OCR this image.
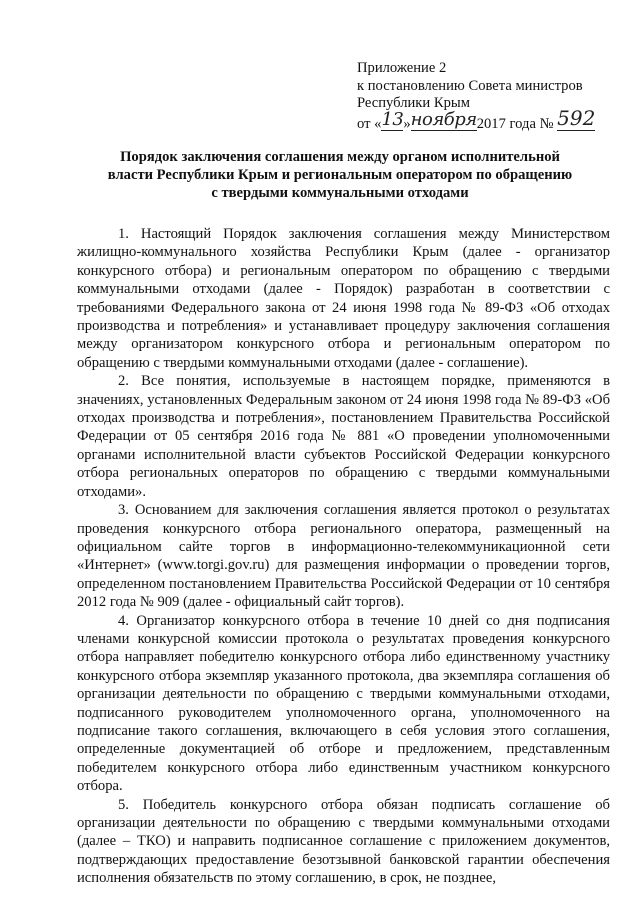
Приложение 2
к постановлению Совета министров
Республики Крым
от «13»ноября2017 года № 592
Порядок заключения соглашения между органом исполнительной
власти Республики Крым и региональным оператором по обращению
с твердыми коммунальными отходами

1. Настоящий Порядок заключения соглашения между Министерством жилищно-коммунального хозяйства Республики Крым (далее - организатор конкурсного отбора) и региональным оператором по обращению с твердыми коммунальными отходами (далее - Порядок) разработан в соответствии с требованиями Федерального закона от 24 июня 1998 года № 89-ФЗ «Об отходах производства и потребления» и устанавливает процедуру заключения соглашения между организатором конкурсного отбора и региональным оператором по обращению с твердыми коммунальными отходами (далее - соглашение).

2. Все понятия, используемые в настоящем порядке, применяются в значениях, установленных Федеральным законом от 24 июня 1998 года № 89-ФЗ «Об отходах производства и потребления», постановлением Правительства Российской Федерации от 05 сентября 2016 года № 881 «О проведении уполномоченными органами исполнительной власти субъектов Российской Федерации конкурсного отбора региональных операторов по обращению с твердыми коммунальными отходами».

3. Основанием для заключения соглашения является протокол о результатах проведения конкурсного отбора регионального оператора, размещенный на официальном сайте торгов в информационно-телекоммуникационной сети «Интернет» (www.torgi.gov.ru) для размещения информации о проведении торгов, определенном постановлением Правительства Российской Федерации от 10 сентября 2012 года № 909 (далее - официальный сайт торгов).

4. Организатор конкурсного отбора в течение 10 дней со дня подписания членами конкурсной комиссии протокола о результатах проведения конкурсного отбора направляет победителю конкурсного отбора либо единственному участнику конкурсного отбора экземпляр указанного протокола, два экземпляра соглашения об организации деятельности по обращению с твердыми коммунальными отходами, подписанного руководителем уполномоченного органа, уполномоченного на подписание такого соглашения, включающего в себя условия этого соглашения, определенные документацией об отборе и предложением, представленным победителем конкурсного отбора либо единственным участником конкурсного отбора.

5. Победитель конкурсного отбора обязан подписать соглашение об организации деятельности по обращению с твердыми коммунальными отходами (далее – ТКО) и направить подписанное соглашение с приложением документов, подтверждающих предоставление безотзывной банковской гарантии обеспечения исполнения обязательств по этому соглашению, в срок, не позднее,
